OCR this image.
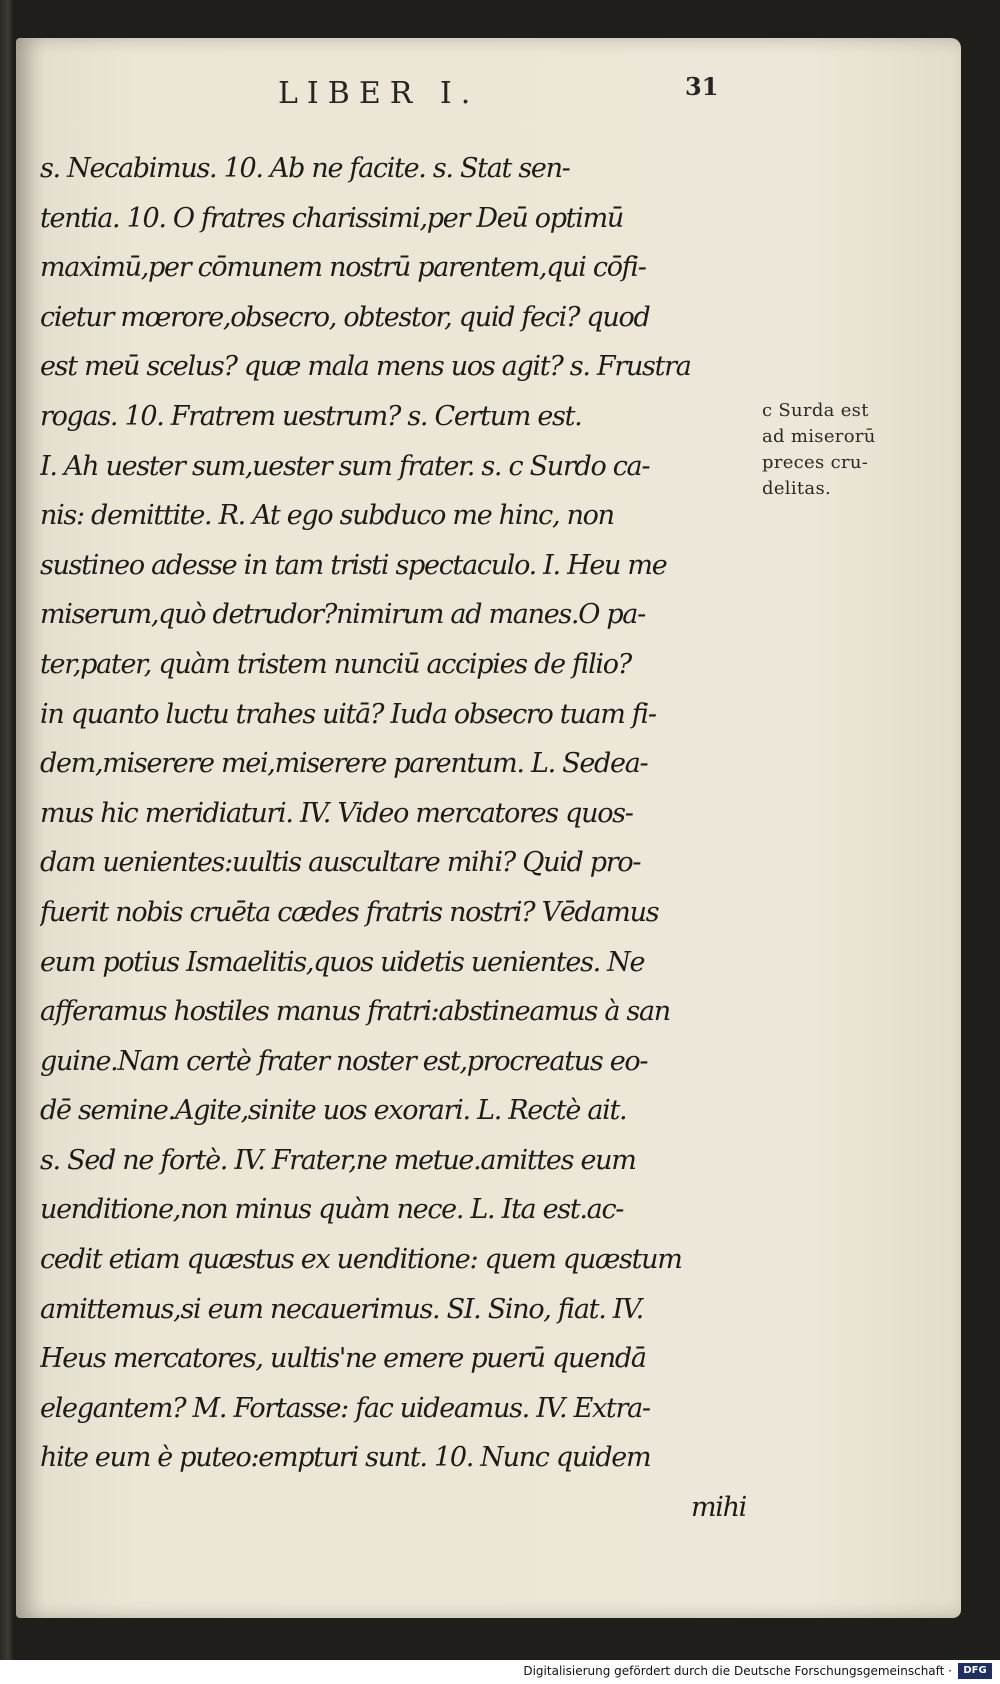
LIBER I.	31
s. Necabimus. 10. Ab ne facite. s. Stat sen-
tentia. 10. O fratres charissimi,per Deū optimū
maximū,per cōmunem nostrū parentem,qui cōfi-
cietur mœrore,obsecro, obtestor, quid feci? quod
est meū scelus? quæ mala mens uos agit? s. Frustra
rogas. 10. Fratrem uestrum? s. Certum est.
I. Ah uester sum,uester sum frater. s. c Surdo ca-
nis: demittite. R. At ego subduco me hinc, non
sustineo adesse in tam tristi spectaculo. I. Heu me
miserum,quò detrudor?nimirum ad manes.O pa-
ter,pater, quàm tristem nunciū accipies de filio?
in quanto luctu trahes uitā? Iuda obsecro tuam fi-
dem,miserere mei,miserere parentum. L. Sedea-
mus hic meridiaturi. IV. Video mercatores quos-
dam uenientes:uultis auscultare mihi? Quid pro-
fuerit nobis cruēta cædes fratris nostri? Vēdamus
eum potius Ismaelitis,quos uidetis uenientes. Ne
afferamus hostiles manus fratri:abstineamus à san
guine.Nam certè frater noster est,procreatus eo-
dē semine.Agite,sinite uos exorari. L. Rectè ait.
s. Sed ne fortè. IV. Frater,ne metue.amittes eum
uenditione,non minus quàm nece. L. Ita est.ac-
cedit etiam quæstus ex uenditione: quem quæstum
amittemus,si eum necauerimus. SI. Sino, fiat. IV.
Heus mercatores, uultis'ne emere puerū quendā
elegantem? M. Fortasse: fac uideamus. IV. Extra-
hite eum è puteo:empturi sunt. 10. Nunc quidem
mihi
c Surda est
ad miserorū
preces cru-
delitas.
Digitalisierung gefördert durch die Deutsche Forschungsgemeinschaft ·	DFG
